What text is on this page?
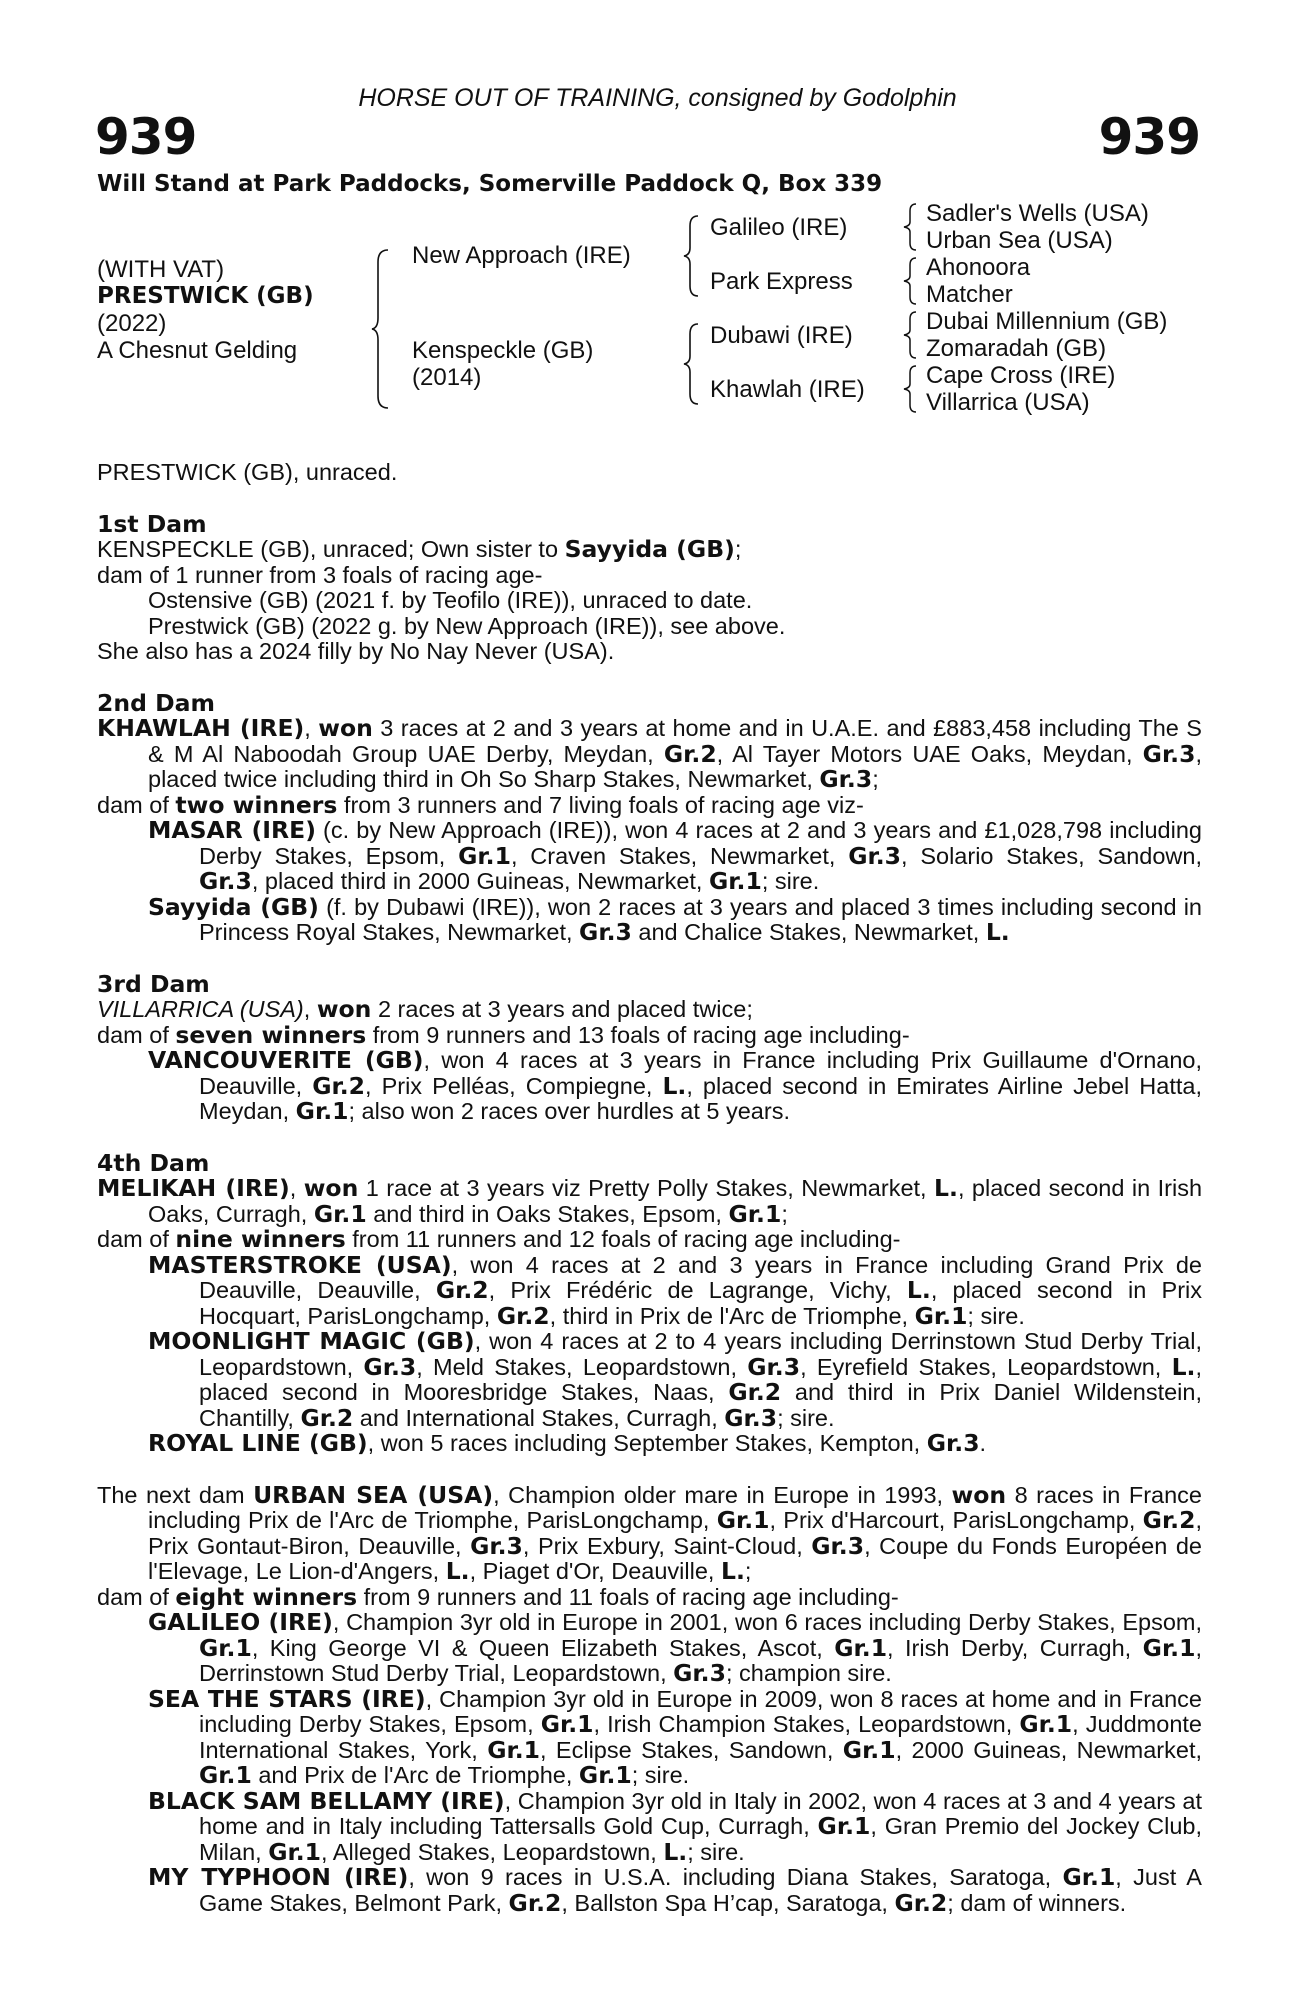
HORSE OUT OF TRAINING, consigned by Godolphin
939	939
Will Stand at Park Paddocks, Somerville Paddock Q, Box 339
(WITH VAT)
PRESTWICK (GB)
(2022)
A Chesnut Gelding
New Approach (IRE)
Kenspeckle (GB)
(2014)
Galileo (IRE)
Park Express
Dubawi (IRE)
Khawlah (IRE)
Sadler's Wells (USA)
Urban Sea (USA)
Ahonoora
Matcher
Dubai Millennium (GB)
Zomaradah (GB)
Cape Cross (IRE)
Villarrica (USA)

PRESTWICK (GB), unraced.

1st Dam

KENSPECKLE (GB), unraced; Own sister to Sayyida (GB);

dam of 1 runner from 3 foals of racing age-

Ostensive (GB) (2021 f. by Teofilo (IRE)), unraced to date.

Prestwick (GB) (2022 g. by New Approach (IRE)), see above.

She also has a 2024 filly by No Nay Never (USA).

2nd Dam

KHAWLAH (IRE), won 3 races at 2 and 3 years at home and in U.A.E. and £883,458 including The S & M Al Naboodah Group UAE Derby, Meydan, Gr.2, Al Tayer Motors UAE Oaks, Meydan, Gr.3, placed twice including third in Oh So Sharp Stakes, Newmarket, Gr.3;

dam of two winners from 3 runners and 7 living foals of racing age viz-

MASAR (IRE) (c. by New Approach (IRE)), won 4 races at 2 and 3 years and £1,028,798 including Derby Stakes, Epsom, Gr.1, Craven Stakes, Newmarket, Gr.3, Solario Stakes, Sandown, Gr.3, placed third in 2000 Guineas, Newmarket, Gr.1; sire.

Sayyida (GB) (f. by Dubawi (IRE)), won 2 races at 3 years and placed 3 times including second in Princess Royal Stakes, Newmarket, Gr.3 and Chalice Stakes, Newmarket, L.

3rd Dam

VILLARRICA (USA), won 2 races at 3 years and placed twice;

dam of seven winners from 9 runners and 13 foals of racing age including-

VANCOUVERITE (GB), won 4 races at 3 years in France including Prix Guillaume d'Ornano, Deauville, Gr.2, Prix Pelléas, Compiegne, L., placed second in Emirates Airline Jebel Hatta, Meydan, Gr.1; also won 2 races over hurdles at 5 years.

4th Dam

MELIKAH (IRE), won 1 race at 3 years viz Pretty Polly Stakes, Newmarket, L., placed second in Irish Oaks, Curragh, Gr.1 and third in Oaks Stakes, Epsom, Gr.1;

dam of nine winners from 11 runners and 12 foals of racing age including-

MASTERSTROKE (USA), won 4 races at 2 and 3 years in France including Grand Prix de Deauville, Deauville, Gr.2, Prix Frédéric de Lagrange, Vichy, L., placed second in Prix Hocquart, ParisLongchamp, Gr.2, third in Prix de l'Arc de Triomphe, Gr.1; sire.

MOONLIGHT MAGIC (GB), won 4 races at 2 to 4 years including Derrinstown Stud Derby Trial, Leopardstown, Gr.3, Meld Stakes, Leopardstown, Gr.3, Eyrefield Stakes, Leopardstown, L., placed second in Mooresbridge Stakes, Naas, Gr.2 and third in Prix Daniel Wildenstein, Chantilly, Gr.2 and International Stakes, Curragh, Gr.3; sire.

ROYAL LINE (GB), won 5 races including September Stakes, Kempton, Gr.3.

The next dam URBAN SEA (USA), Champion older mare in Europe in 1993, won 8 races in France including Prix de l'Arc de Triomphe, ParisLongchamp, Gr.1, Prix d'Harcourt, ParisLongchamp, Gr.2, Prix Gontaut-Biron, Deauville, Gr.3, Prix Exbury, Saint-Cloud, Gr.3, Coupe du Fonds Européen de l'Elevage, Le Lion-d'Angers, L., Piaget d'Or, Deauville, L.;

dam of eight winners from 9 runners and 11 foals of racing age including-

GALILEO (IRE), Champion 3yr old in Europe in 2001, won 6 races including Derby Stakes, Epsom, Gr.1, King George VI & Queen Elizabeth Stakes, Ascot, Gr.1, Irish Derby, Curragh, Gr.1, Derrinstown Stud Derby Trial, Leopardstown, Gr.3; champion sire.

SEA THE STARS (IRE), Champion 3yr old in Europe in 2009, won 8 races at home and in France including Derby Stakes, Epsom, Gr.1, Irish Champion Stakes, Leopardstown, Gr.1, Juddmonte International Stakes, York, Gr.1, Eclipse Stakes, Sandown, Gr.1, 2000 Guineas, Newmarket, Gr.1 and Prix de l'Arc de Triomphe, Gr.1; sire.

BLACK SAM BELLAMY (IRE), Champion 3yr old in Italy in 2002, won 4 races at 3 and 4 years at home and in Italy including Tattersalls Gold Cup, Curragh, Gr.1, Gran Premio del Jockey Club, Milan, Gr.1, Alleged Stakes, Leopardstown, L.; sire.

MY TYPHOON (IRE), won 9 races in U.S.A. including Diana Stakes, Saratoga, Gr.1, Just A Game Stakes, Belmont Park, Gr.2, Ballston Spa H’cap, Saratoga, Gr.2; dam of winners.
